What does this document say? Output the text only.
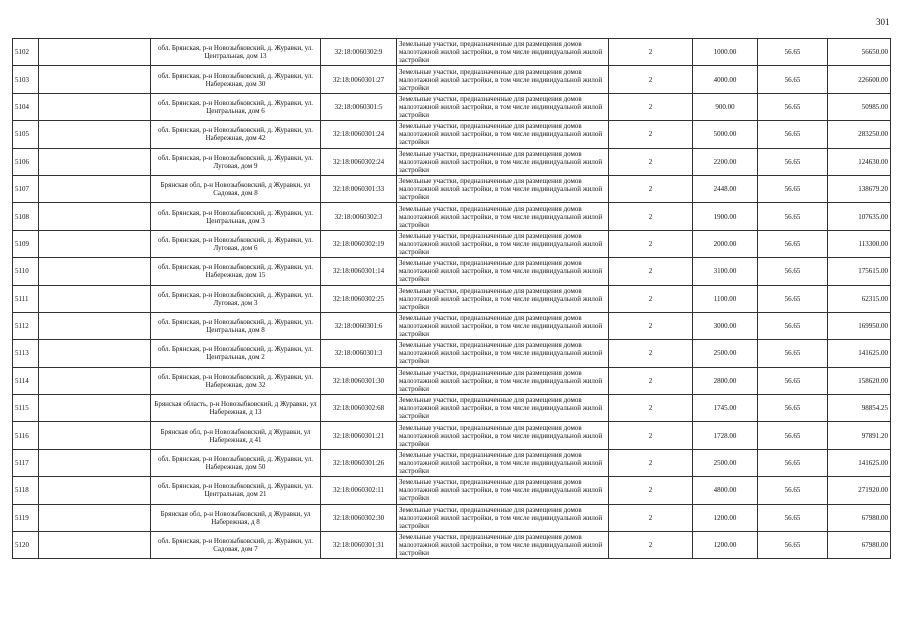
301
5102		обл. Брянская, р-н Новозыбковский, д. Журавки, ул. Центральная, дом 13	32:18:0060302:9	Земельные участки, предназначенные для размещения домов малоэтажной жилой застройки, в том числе индивидуальной жилой застройки	2	1000.00	56.65	56650.00
5103		обл. Брянская, р-н Новозыбковский, д. Журавки, ул. Набережная, дом 30	32:18:0060301:27	Земельные участки, предназначенные для размещения домов малоэтажной жилой застройки, в том числе индивидуальной жилой застройки	2	4000.00	56.65	226600.00
5104		обл. Брянская, р-н Новозыбковский, д. Журавки, ул. Центральная, дом 6	32:18:0060301:5	Земельные участки, предназначенные для размещения домов малоэтажной жилой застройки, в том числе индивидуальной жилой застройки	2	900.00	56.65	50985.00
5105		обл. Брянская, р-н Новозыбковский, д. Журавки, ул. Набережная, дом 42	32:18:0060301:24	Земельные участки, предназначенные для размещения домов малоэтажной жилой застройки, в том числе индивидуальной жилой застройки	2	5000.00	56.65	283250.00
5106		обл. Брянская, р-н Новозыбковский, д. Журавки, ул. Луговая, дом 9	32:18:0060302:24	Земельные участки, предназначенные для размещения домов малоэтажной жилой застройки, в том числе индивидуальной жилой застройки	2	2200.00	56.65	124630.00
5107		Брянская обл, р-н Новозыбковский, д Журавки, ул Садовая, дом 8	32:18:0060301:33	Земельные участки, предназначенные для размещения домов малоэтажной жилой застройки, в том числе индивидуальной жилой застройки	2	2448.00	56.65	138679.20
5108		обл. Брянская, р-н Новозыбковский, д. Журавки, ул. Центральная, дом 3	32:18:0060302:3	Земельные участки, предназначенные для размещения домов малоэтажной жилой застройки, в том числе индивидуальной жилой застройки	2	1900.00	56.65	107635.00
5109		обл. Брянская, р-н Новозыбковский, д. Журавки, ул. Луговая, дом 6	32:18:0060302:19	Земельные участки, предназначенные для размещения домов малоэтажной жилой застройки, в том числе индивидуальной жилой застройки	2	2000.00	56.65	113300.00
5110		обл. Брянская, р-н Новозыбковский, д. Журавки, ул. Набережная, дом 15	32:18:0060301:14	Земельные участки, предназначенные для размещения домов малоэтажной жилой застройки, в том числе индивидуальной жилой застройки	2	3100.00	56.65	175615.00
5111		обл. Брянская, р-н Новозыбковский, д. Журавки, ул. Луговая, дом 3	32:18:0060302:25	Земельные участки, предназначенные для размещения домов малоэтажной жилой застройки, в том числе индивидуальной жилой застройки	2	1100.00	56.65	62315.00
5112		обл. Брянская, р-н Новозыбковский, д. Журавки, ул. Центральная, дом 8	32:18:0060301:6	Земельные участки, предназначенные для размещения домов малоэтажной жилой застройки, в том числе индивидуальной жилой застройки	2	3000.00	56.65	169950.00
5113		обл. Брянская, р-н Новозыбковский, д. Журавки, ул. Центральная, дом 2	32:18:0060301:3	Земельные участки, предназначенные для размещения домов малоэтажной жилой застройки, в том числе индивидуальной жилой застройки	2	2500.00	56.65	141625.00
5114		обл. Брянская, р-н Новозыбковский, д. Журавки, ул. Набережная, дом 32	32:18:0060301:30	Земельные участки, предназначенные для размещения домов малоэтажной жилой застройки, в том числе индивидуальной жилой застройки	2	2800.00	56.65	158620.00
5115		Брянская область, р-н Новозыбковский, д Журавки, ул Набережная, д 13	32:18:0060302:68	Земельные участки, предназначенные для размещения домов малоэтажной жилой застройки, в том числе индивидуальной жилой застройки	2	1745.00	56.65	98854.25
5116		Брянская обл, р-н Новозыбковский, д Журавки, ул Набережная, д 41	32:18:0060301:21	Земельные участки, предназначенные для размещения домов малоэтажной жилой застройки, в том числе индивидуальной жилой застройки	2	1728.00	56.65	97891.20
5117		обл. Брянская, р-н Новозыбковский, д. Журавки, ул. Набережная, дом 50	32:18:0060301:26	Земельные участки, предназначенные для размещения домов малоэтажной жилой застройки, в том числе индивидуальной жилой застройки	2	2500.00	56.65	141625.00
5118		обл. Брянская, р-н Новозыбковский, д. Журавки, ул. Центральная, дом 21	32:18:0060302:11	Земельные участки, предназначенные для размещения домов малоэтажной жилой застройки, в том числе индивидуальной жилой застройки	2	4800.00	56.65	271920.00
5119		Брянская обл, р-н Новозыбковский, д Журавки, ул Набережная, д 8	32:18:0060302:30	Земельные участки, предназначенные для размещения домов малоэтажной жилой застройки, в том числе индивидуальной жилой застройки	2	1200.00	56.65	67980.00
5120		обл. Брянская, р-н Новозыбковский, д. Журавки, ул. Садовая, дом 7	32:18:0060301:31	Земельные участки, предназначенные для размещения домов малоэтажной жилой застройки, в том числе индивидуальной жилой застройки	2	1200.00	56.65	67980.00
